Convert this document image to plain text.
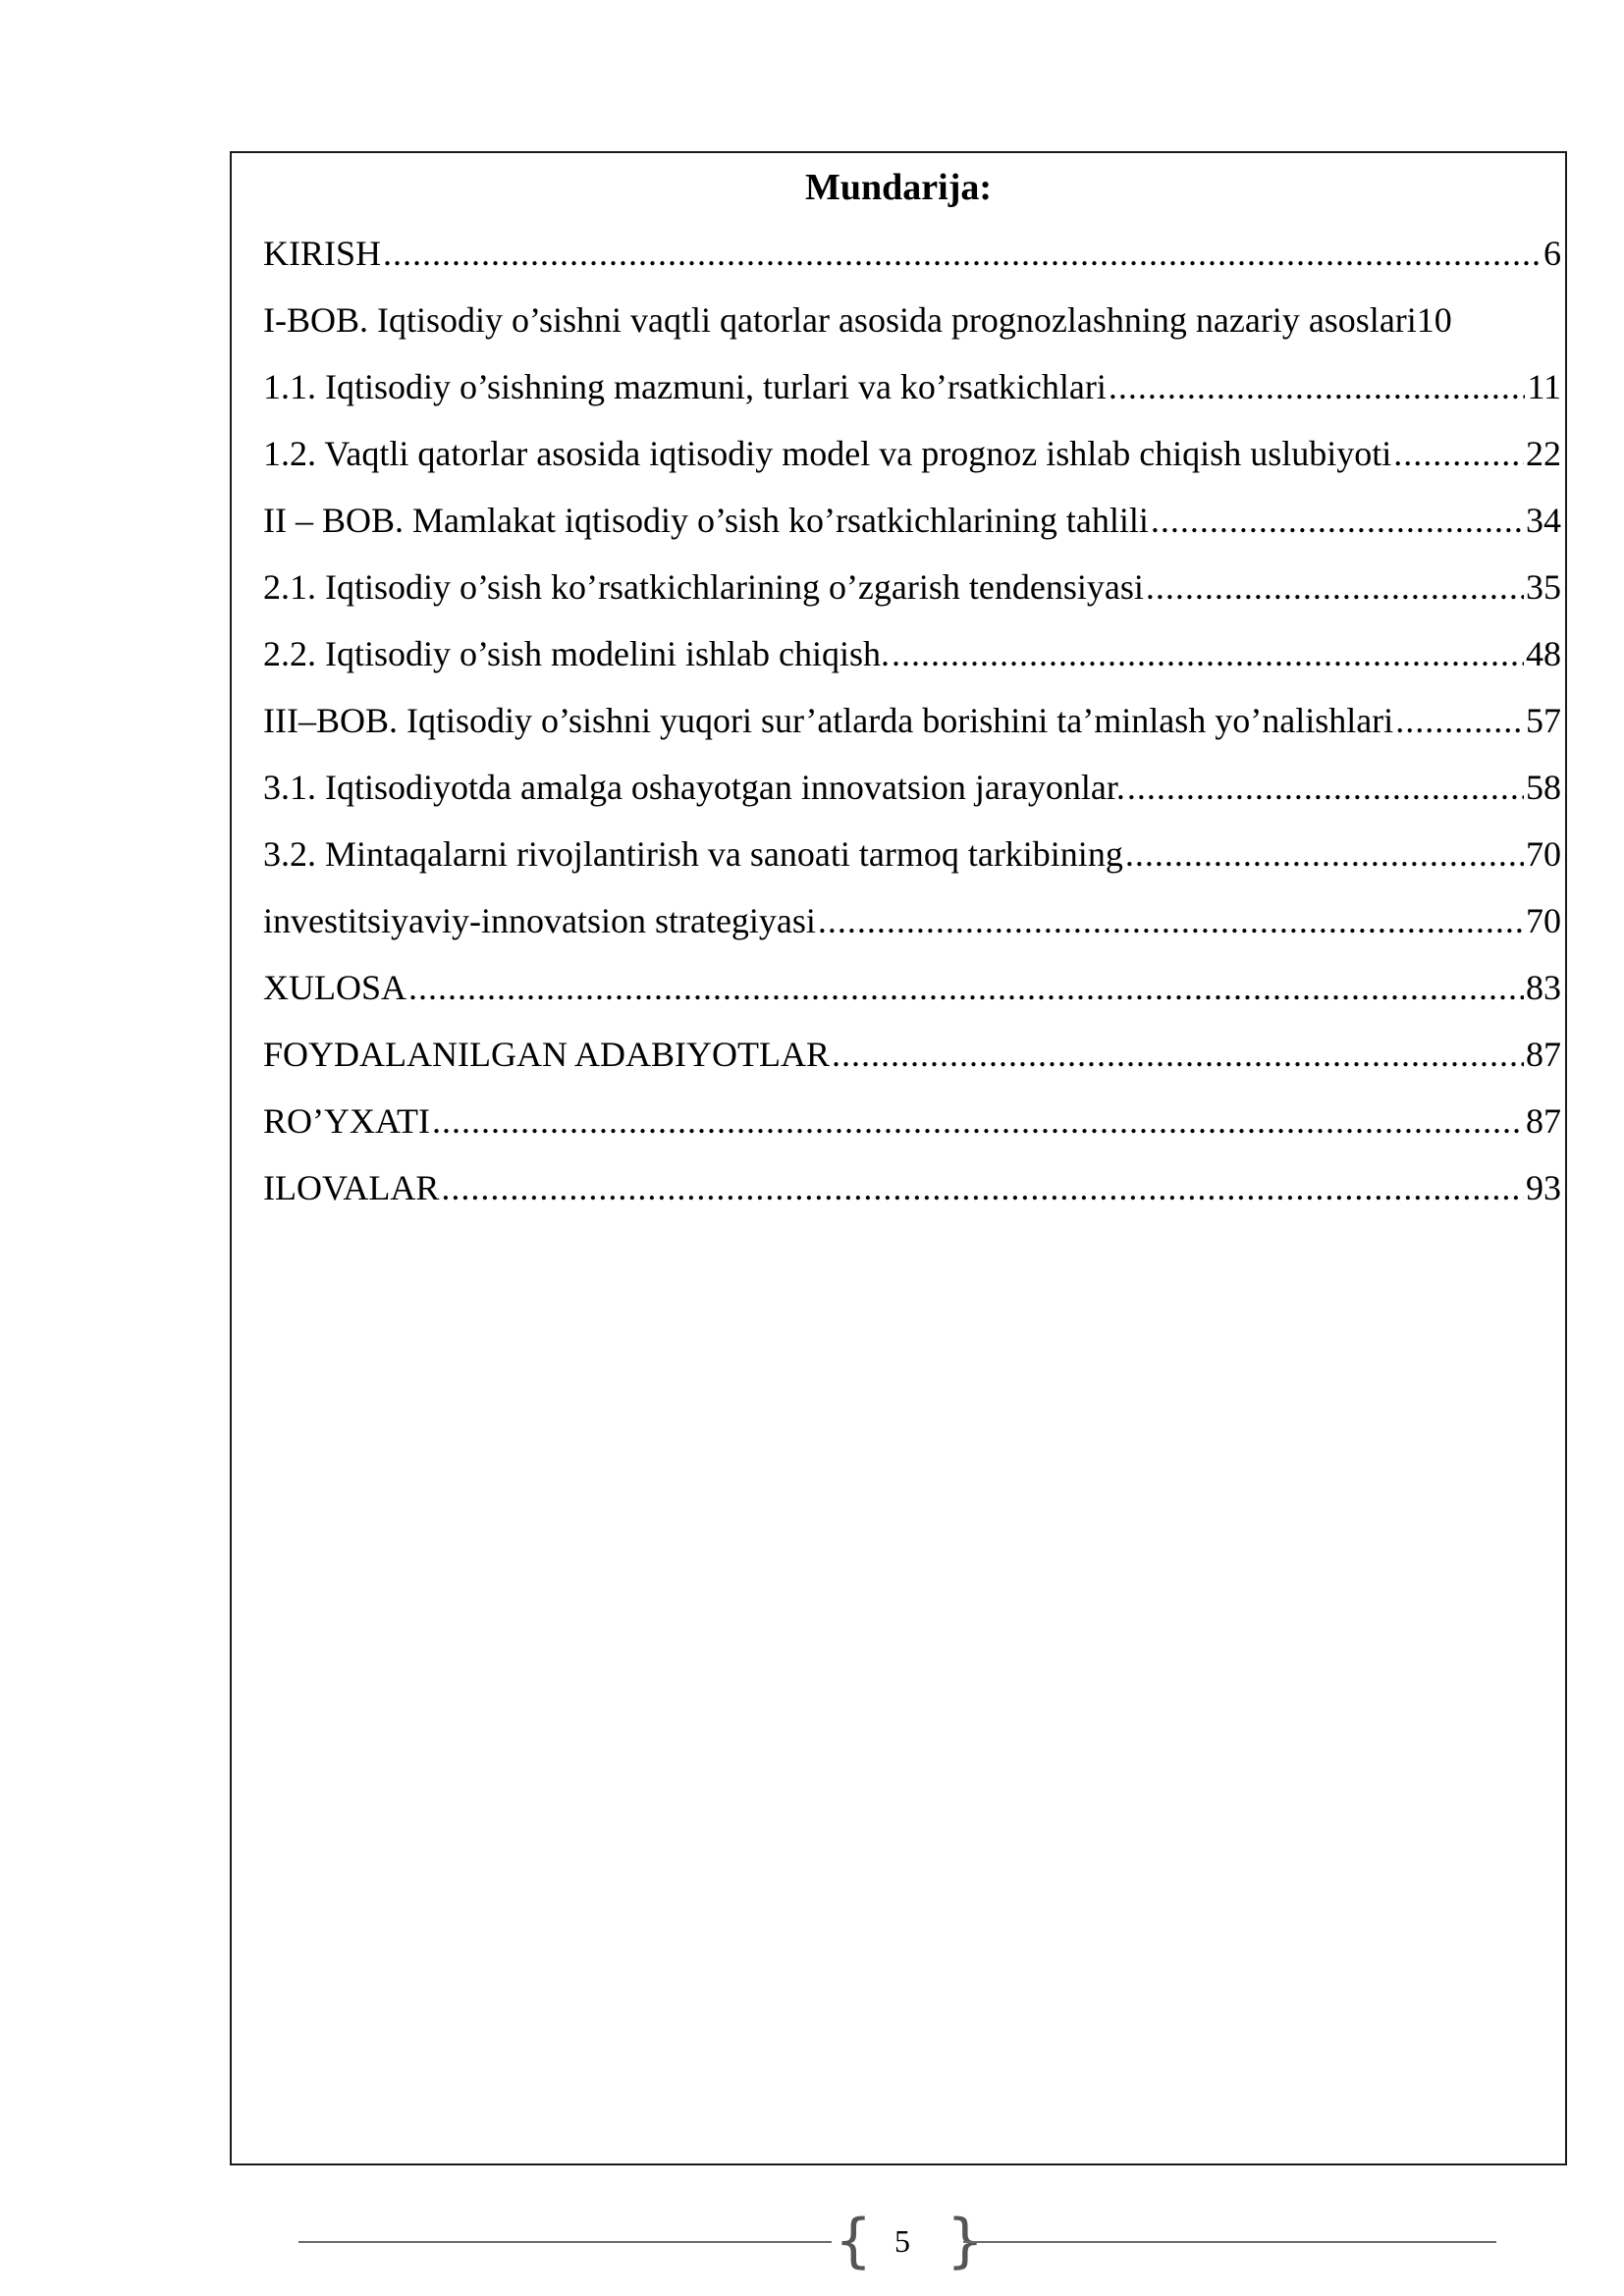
Mundarija:
KIRISH .....	6
I-BOB. Iqtisodiy o’sishni vaqtli qatorlar asosida prognozlashning nazariy asoslari 10
1.1. Iqtisodiy o’sishning mazmuni, turlari va ko’rsatkichlari .....	11
1.2. Vaqtli qatorlar asosida iqtisodiy model va prognoz ishlab chiqish uslubiyoti .....	22
II – BOB. Mamlakat iqtisodiy o’sish ko’rsatkichlarining tahlili .....	34
2.1. Iqtisodiy o’sish ko’rsatkichlarining o’zgarish tendensiyasi .....	35
2.2. Iqtisodiy o’sish modelini ishlab chiqish. .....	48
III–BOB. Iqtisodiy o’sishni yuqori sur’atlarda borishini ta’minlash yo’nalishlari .....	57
3.1. Iqtisodiyotda amalga oshayotgan innovatsion jarayonlar. .....	58
3.2. Mintaqalarni rivojlantirish va sanoati tarmoq tarkibining .....	70
investitsiyaviy-innovatsion strategiyasi .....	70
XULOSA .....	83
FOYDALANILGAN ADABIYOTLAR .....	87
RO’YXATI .....	87
ILOVALAR .....	93
{ 5 }
